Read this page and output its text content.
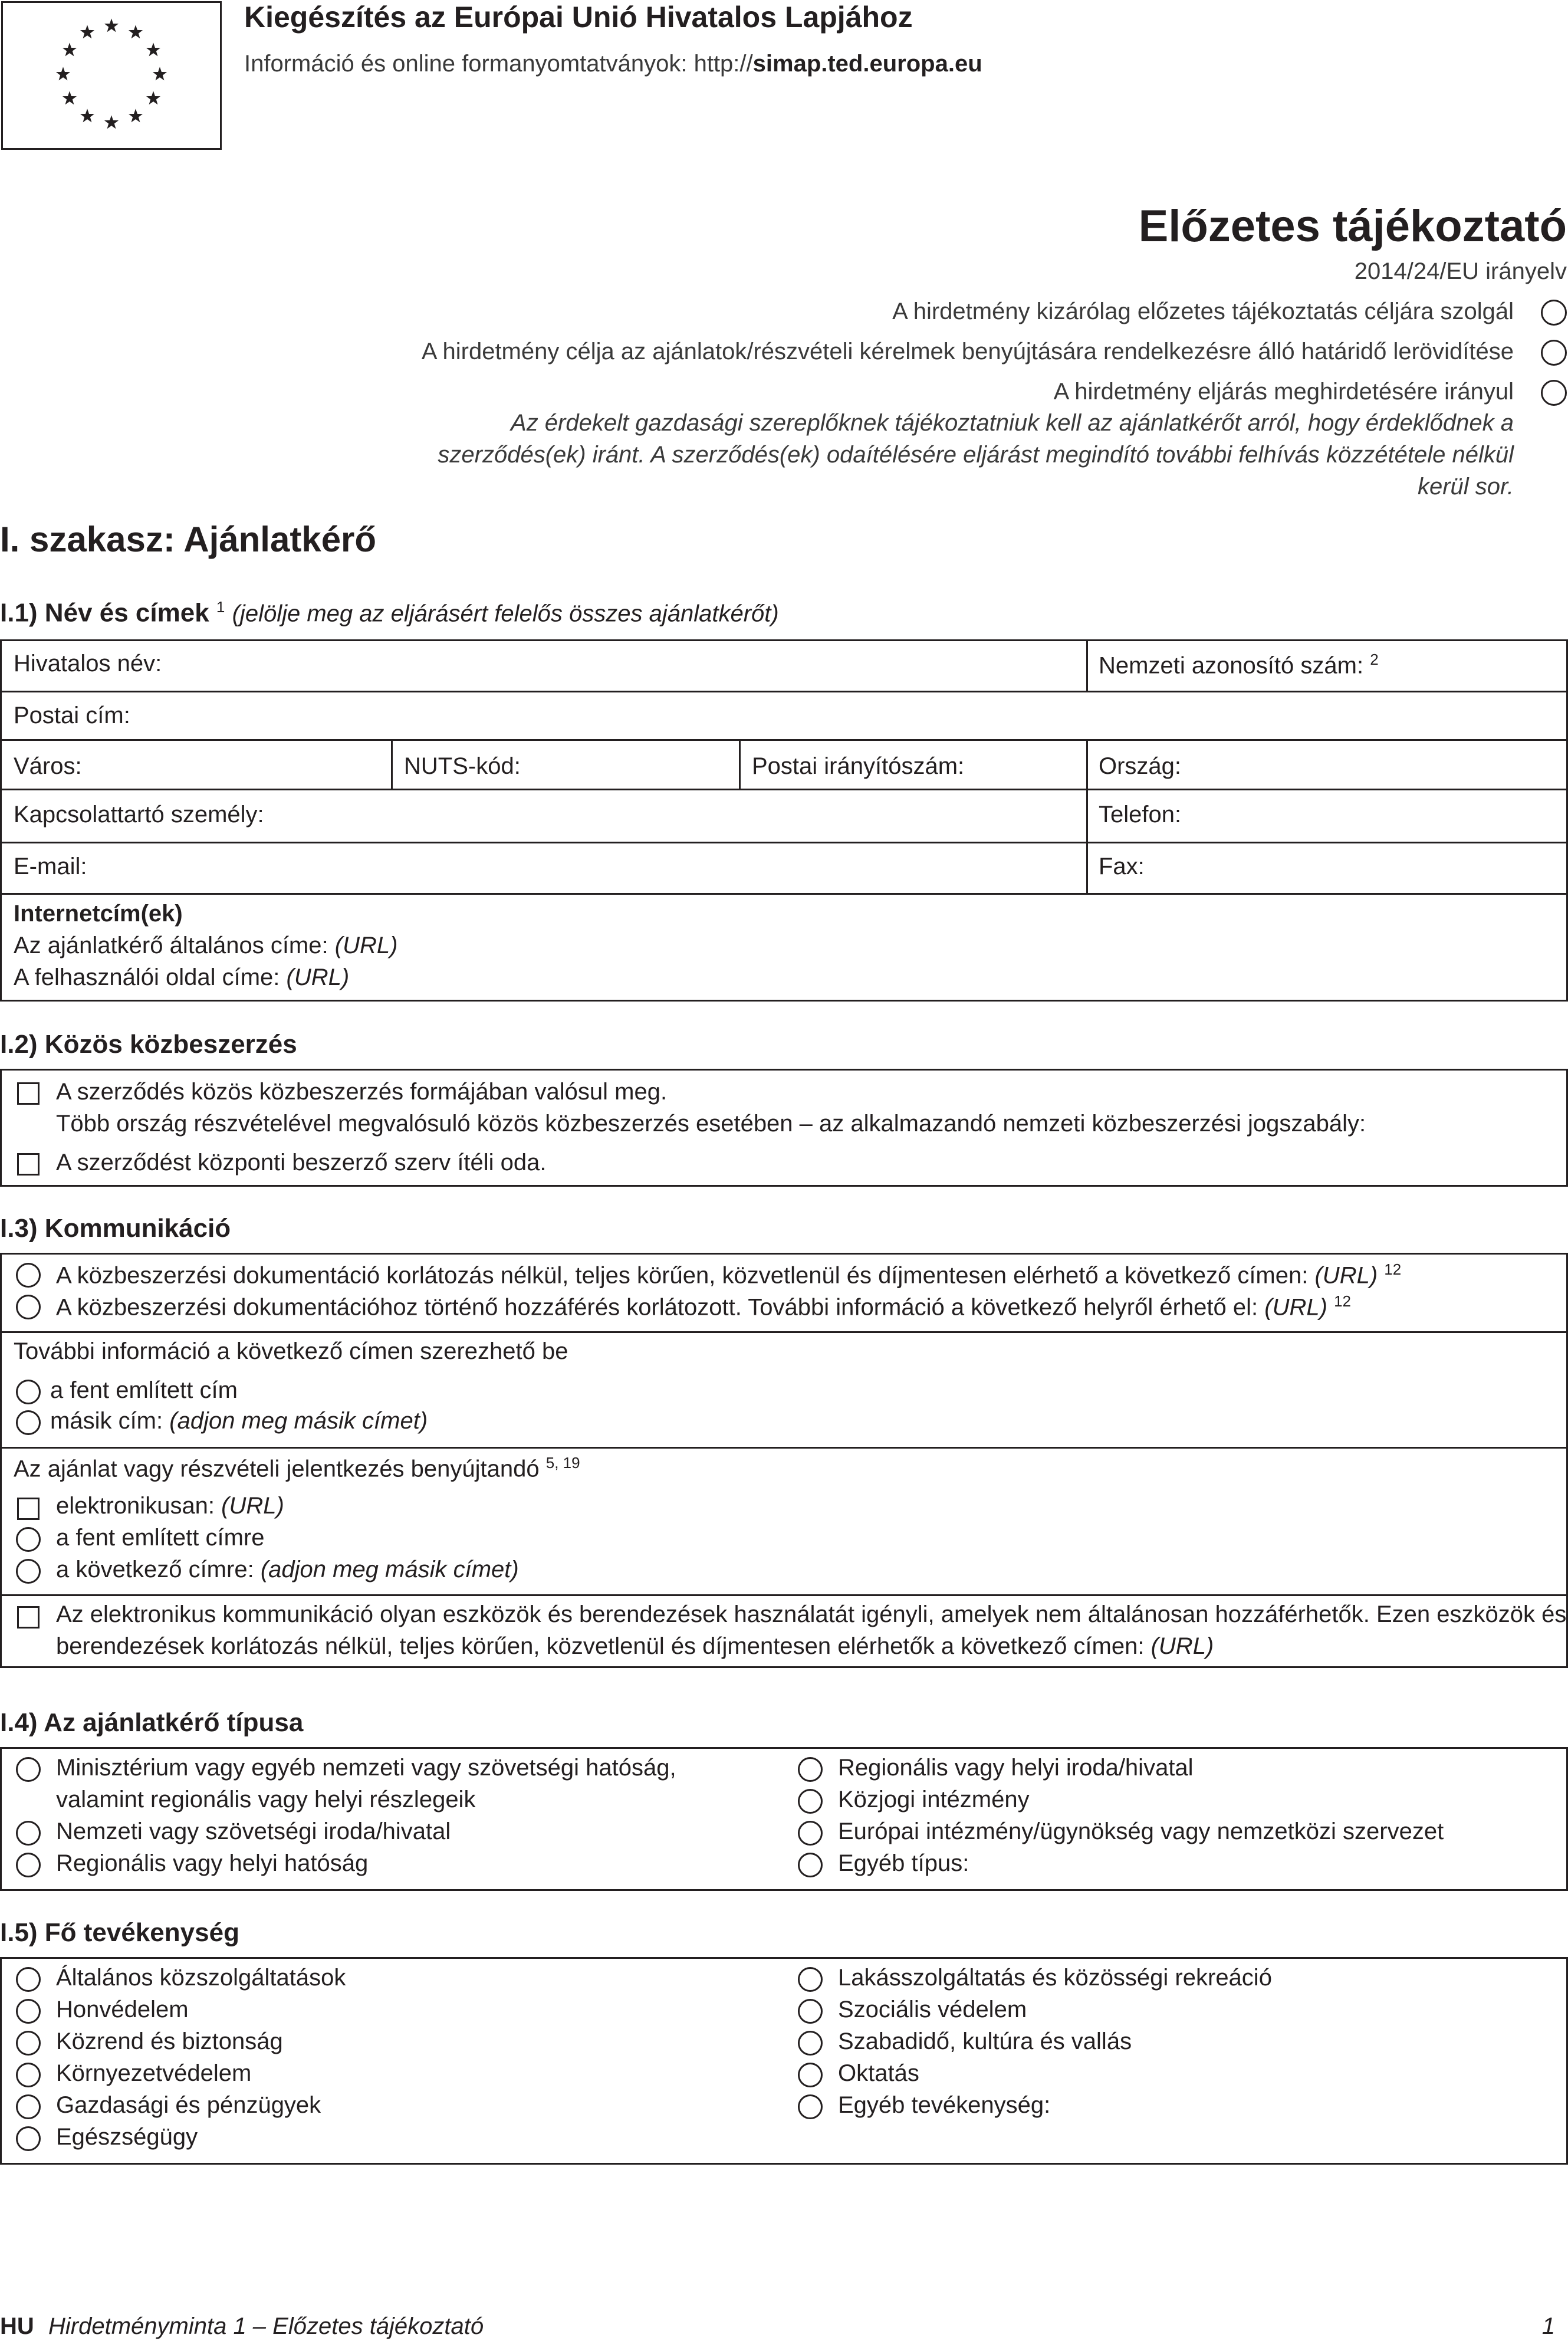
Kiegészítés az Európai Unió Hivatalos Lapjához
Információ és online formanyomtatványok: http://simap.ted.europa.eu
Előzetes tájékoztató
2014/24/EU irányelv
A hirdetmény kizárólag előzetes tájékoztatás céljára szolgál
A hirdetmény célja az ajánlatok/részvételi kérelmek benyújtására rendelkezésre álló határidő lerövidítése
A hirdetmény eljárás meghirdetésére irányul
Az érdekelt gazdasági szereplőknek tájékoztatniuk kell az ajánlatkérőt arról, hogy érdeklődnek a
szerződés(ek) iránt. A szerződés(ek) odaítélésére eljárást megindító további felhívás közzététele nélkül
kerül sor.
I. szakasz: Ajánlatkérő
I.1) Név és címek $^1$ (jelölje meg az eljárásért felelős összes ajánlatkérőt)
Hivatalos név:	Nemzeti azonosító szám: $^2$
Postai cím:
Város:	NUTS-kód:	Postai irányítószám:	Ország:
Kapcsolattartó személy:	Telefon:
E-mail:	Fax:
Internetcím(ek)
Az ajánlatkérő általános címe: (URL)
A felhasználói oldal címe: (URL)
I.2) Közös közbeszerzés
A szerződés közös közbeszerzés formájában valósul meg.
Több ország részvételével megvalósuló közös közbeszerzés esetében – az alkalmazandó nemzeti közbeszerzési jogszabály:
A szerződést központi beszerző szerv ítéli oda.
I.3) Kommunikáció
A közbeszerzési dokumentáció korlátozás nélkül, teljes körűen, közvetlenül és díjmentesen elérhető a következő címen: (URL) $^{12}$
A közbeszerzési dokumentációhoz történő hozzáférés korlátozott. További információ a következő helyről érhető el: (URL) $^{12}$
További információ a következő címen szerezhető be
a fent említett cím
másik cím: (adjon meg másik címet)
Az ajánlat vagy részvételi jelentkezés benyújtandó $^{5, 19}$
elektronikusan: (URL)
a fent említett címre
a következő címre: (adjon meg másik címet)
Az elektronikus kommunikáció olyan eszközök és berendezések használatát igényli, amelyek nem általánosan hozzáférhetők. Ezen eszközök és
berendezések korlátozás nélkül, teljes körűen, közvetlenül és díjmentesen elérhetők a következő címen: (URL)
I.4) Az ajánlatkérő típusa
Minisztérium vagy egyéb nemzeti vagy szövetségi hatóság,
valamint regionális vagy helyi részlegeik
Nemzeti vagy szövetségi iroda/hivatal
Regionális vagy helyi hatóság
Regionális vagy helyi iroda/hivatal
Közjogi intézmény
Európai intézmény/ügynökség vagy nemzetközi szervezet
Egyéb típus:
I.5) Fő tevékenység
Általános közszolgáltatások
Honvédelem
Közrend és biztonság
Környezetvédelem
Gazdasági és pénzügyek
Egészségügy
Lakásszolgáltatás és közösségi rekreáció
Szociális védelem
Szabadidő, kultúra és vallás
Oktatás
Egyéb tevékenység:
HU Hirdetményminta 1 – Előzetes tájékoztató	1
